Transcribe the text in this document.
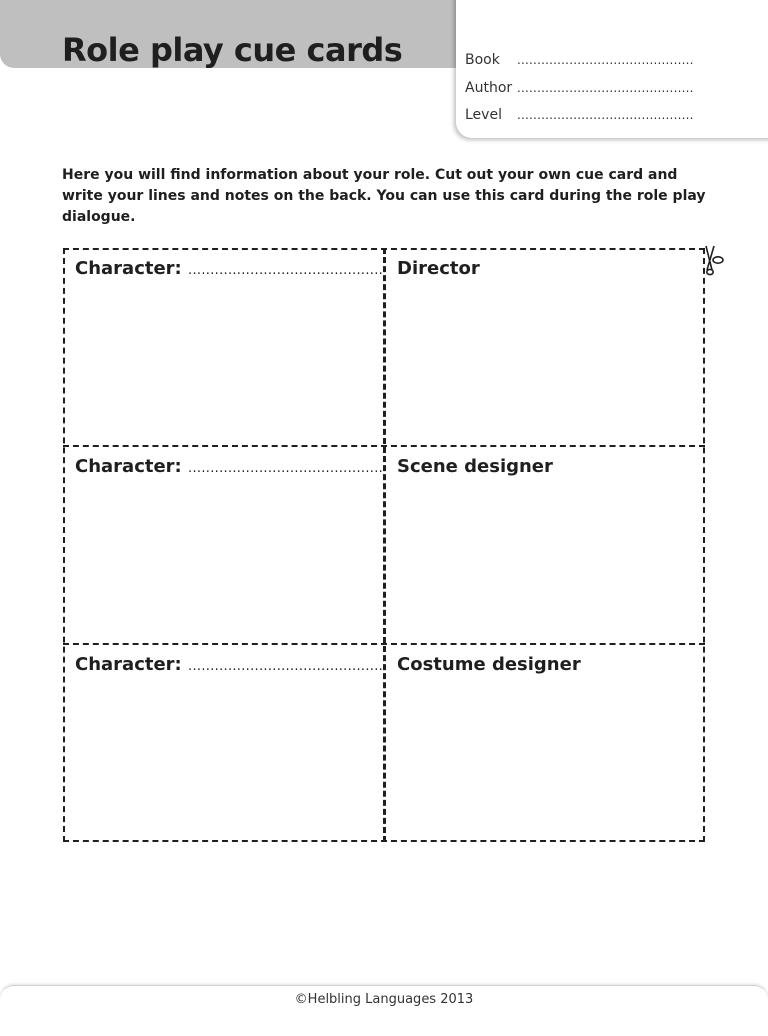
Role play cue cards	Book	............................................
Author ............................................
Level	............................................

Here you will find information about your role. Cut out your own cue card and write your lines and notes on the back. You can use this card during the role play dialogue.

Character: ............................................ Director
Character: ............................................ Scene designer
Character: ............................................ Costume designer
©Helbling Languages 2013
